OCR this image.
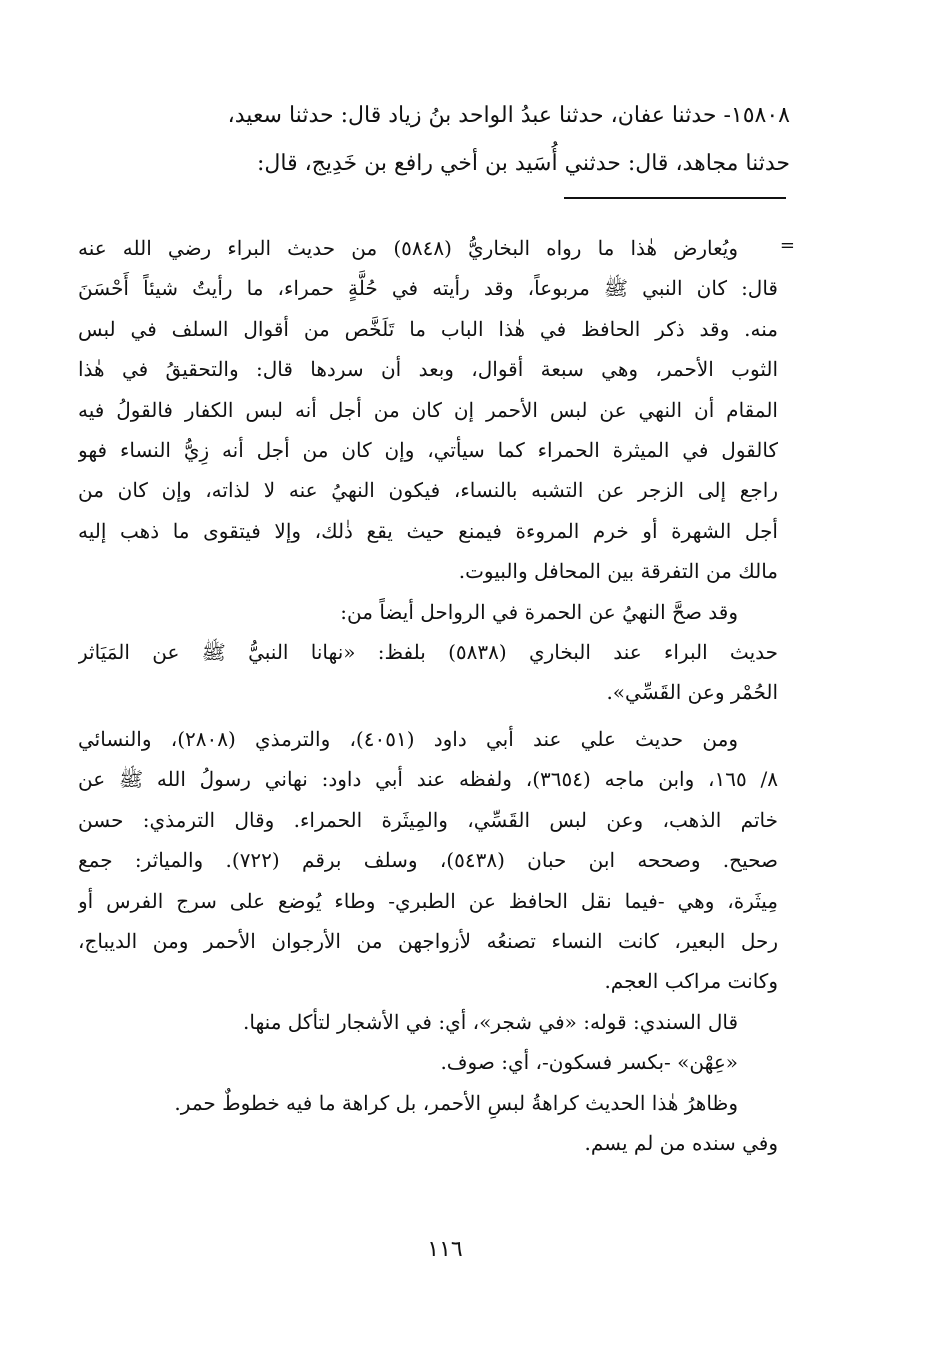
١٥٨٠٨- حدثنا عفان، حدثنا عبدُ الواحد بنُ زياد قال: حدثنا سعيد،
حدثنا مجاهد، قال: حدثني أُسَيد بن أخي رافع بن خَدِيج، قال:
=
ويُعارض هٰذا ما رواه البخاريُّ (٥٨٤٨) من حديث البراء رضي الله عنه
قال: كان النبي ﷺ مربوعاً، وقد رأيته في حُلَّةٍ حمراء، ما رأيتُ شيئاً أَحْسَنَ
منه. وقد ذكر الحافظ في هٰذا الباب ما تَلَخَّص من أقوال السلف في لبس
الثوب الأحمر، وهي سبعة أقوال، وبعد أن سردها قال: والتحقيقُ في هٰذا
المقام أن النهي عن لبس الأحمر إن كان من أجل أنه لبس الكفار فالقولُ فيه
كالقول في الميثرة الحمراء كما سيأتي، وإن كان من أجل أنه زِيُّ النساء فهو
راجع إلى الزجر عن التشبه بالنساء، فيكون النهيُ عنه لا لذاته، وإن كان من
أجل الشهرة أو خرم المروءة فيمنع حيث يقع ذٰلك، وإلا فيتقوى ما ذهب إليه
مالك من التفرقة بين المحافل والبيوت.
وقد صحَّ النهيُ عن الحمرة في الرواحل أيضاً من:
حديث البراء عند البخاري (٥٨٣٨) بلفظ: «نهانا النبيُّ ﷺ عن المَيَاثر
الحُمْر وعن القَسِّي».
ومن حديث علي عند أبي داود (٤٠٥١)، والترمذي (٢٨٠٨)، والنسائي
٨/ ١٦٥، وابن ماجه (٣٦٥٤)، ولفظه عند أبي داود: نهاني رسولُ الله ﷺ عن
خاتم الذهب، وعن لبس القَسِّي، والمِيثَرة الحمراء. وقال الترمذي: حسن
صحيح. وصححه ابن حبان (٥٤٣٨)، وسلف برقم (٧٢٢). والمياثر: جمع
مِيثَرة، وهي -فيما نقل الحافظ عن الطبري- وطاء يُوضع على سرج الفرس أو
رحل البعير، كانت النساء تصنعُه لأزواجهن من الأرجوان الأحمر ومن الديباج،
وكانت مراكب العجم.
قال السندي: قوله: «في شجر»، أي: في الأشجار لتأكل منها.
«عِهْن» -بكسر فسكون-، أي: صوف.
وظاهرُ هٰذا الحديث كراهةُ لبسِ الأحمر، بل كراهة ما فيه خطوطٌ حمر.
وفي سنده من لم يسم.
١١٦
